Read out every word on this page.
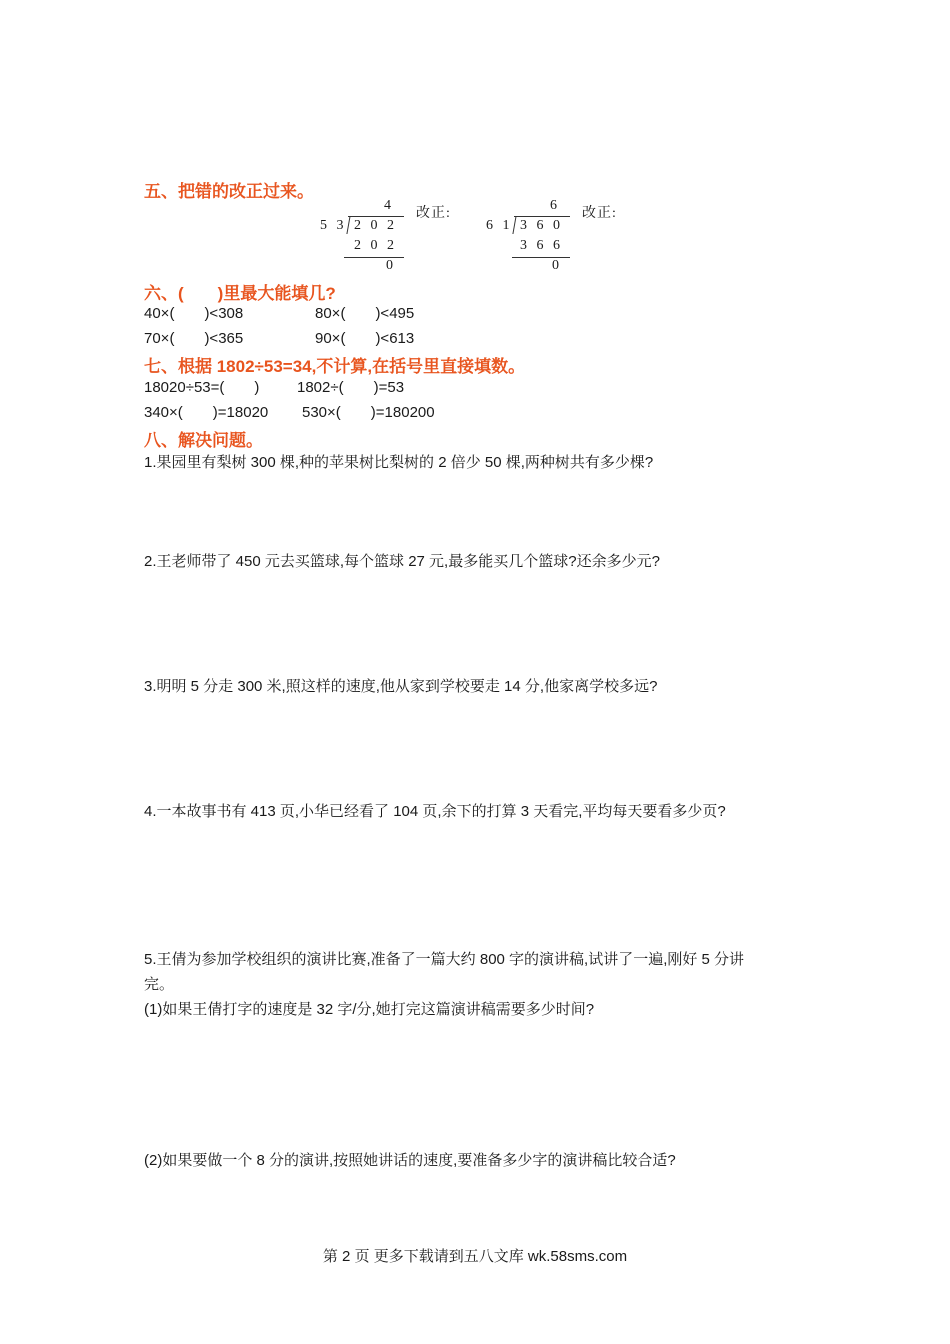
五、把错的改正过来。
4
5 3 2 0 2
2 0 2
0
改正:
6
6 1 3 6 0
3 6 6
0
改正:
六、(　　)里最大能填几?
40×(　　)<308	80×(　　)<495
70×(　　)<365	90×(　　)<613
七、根据 1802÷53=34,不计算,在括号里直接填数。
18020÷53=(　　)	1802÷(　　)=53
340×(　　)=18020 530×(　　)=180200
八、解决问题。
1.果园里有梨树 300 棵,种的苹果树比梨树的 2 倍少 50 棵,两种树共有多少棵?
2.王老师带了 450 元去买篮球,每个篮球 27 元,最多能买几个篮球?还余多少元?
3.明明 5 分走 300 米,照这样的速度,他从家到学校要走 14 分,他家离学校多远?
4.一本故事书有 413 页,小华已经看了 104 页,余下的打算 3 天看完,平均每天要看多少页?
5.王倩为参加学校组织的演讲比赛,准备了一篇大约 800 字的演讲稿,试讲了一遍,刚好 5 分讲
完。
(1)如果王倩打字的速度是 32 字/分,她打完这篇演讲稿需要多少时间?
(2)如果要做一个 8 分的演讲,按照她讲话的速度,要准备多少字的演讲稿比较合适?
第 2 页 更多下载请到五八文库 wk.58sms.com
